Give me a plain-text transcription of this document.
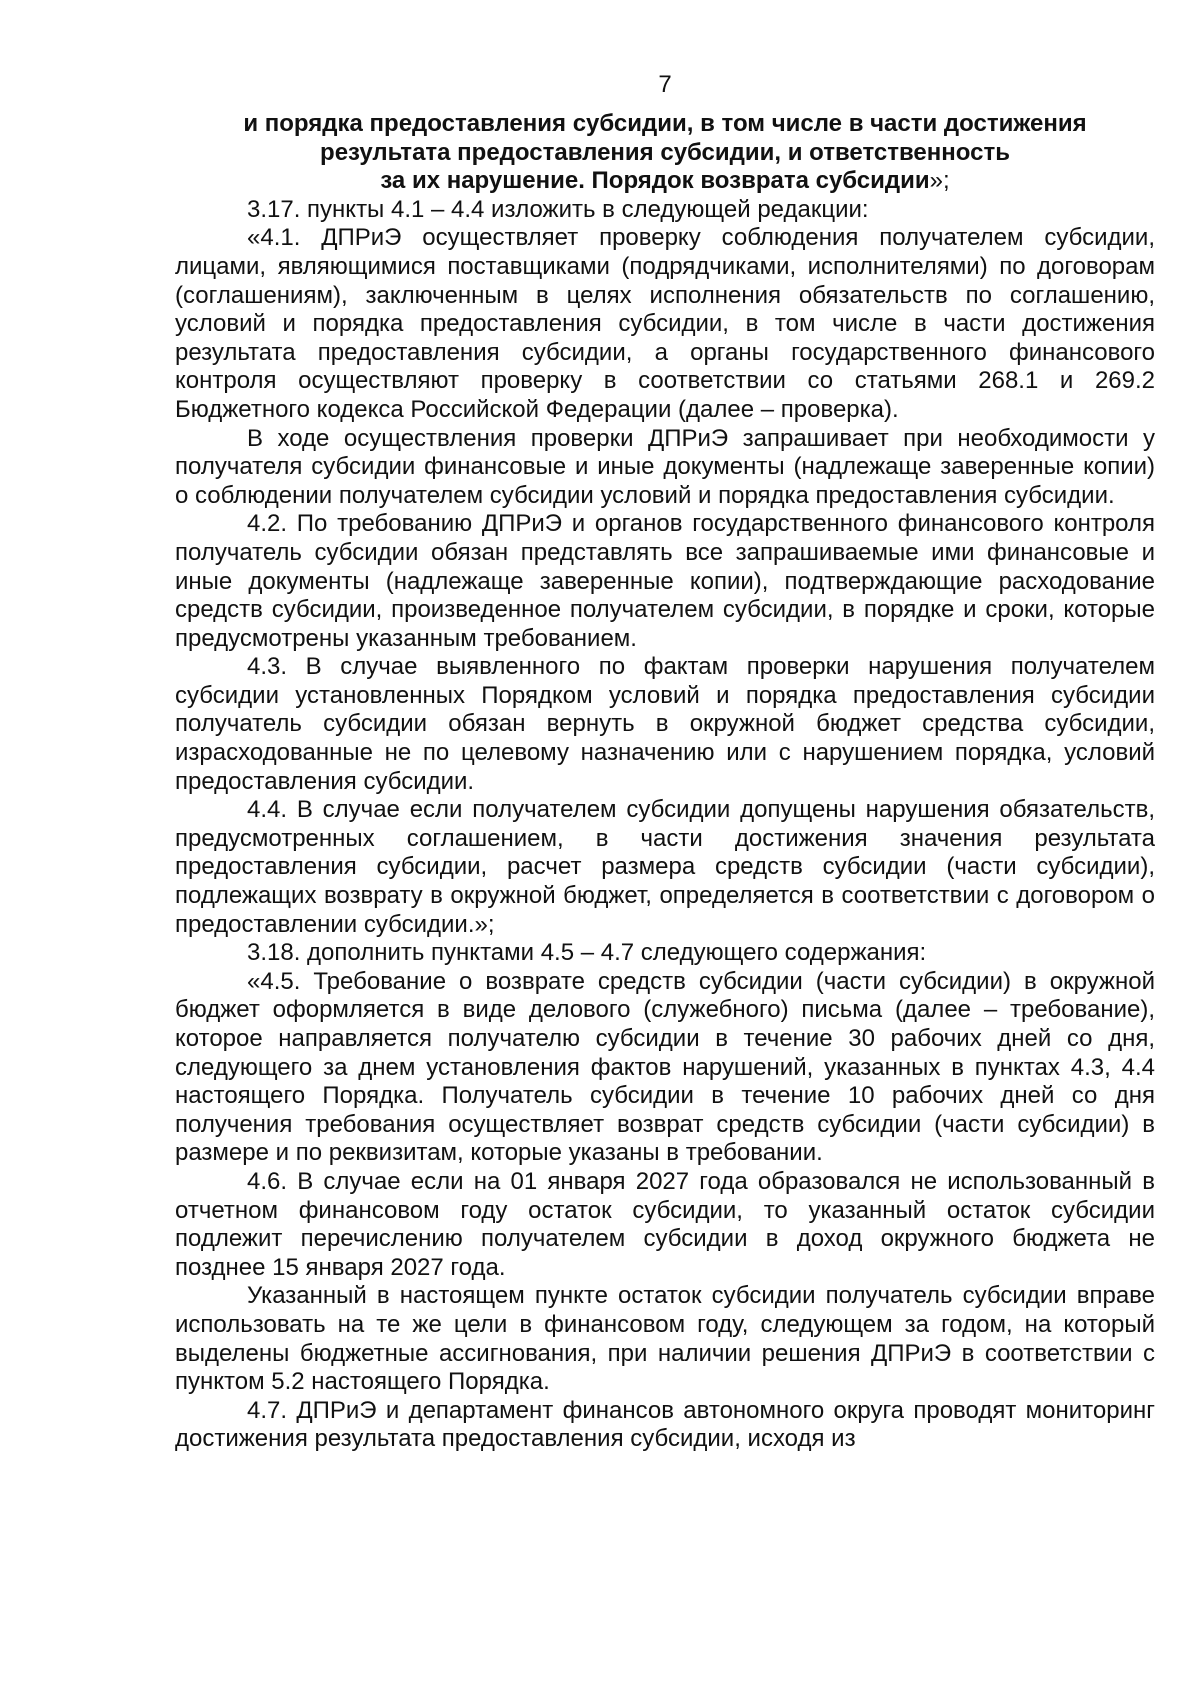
7
и порядка предоставления субсидии, в том числе в части достижения
результата предоставления субсидии, и ответственность
за их нарушение. Порядок возврата субсидии»;

3.17. пункты 4.1 – 4.4 изложить в следующей редакции:

«4.1. ДПРиЭ осуществляет проверку соблюдения получателем субсидии, лицами, являющимися поставщиками (подрядчиками, исполнителями) по договорам (соглашениям), заключенным в целях исполнения обязательств по соглашению, условий и порядка предоставления субсидии, в том числе в части достижения результата предоставления субсидии, а органы государственного финансового контроля осуществляют проверку в соответствии со статьями 268.1 и 269.2 Бюджетного кодекса Российской Федерации (далее – проверка).

В ходе осуществления проверки ДПРиЭ запрашивает при необходимости у получателя субсидии финансовые и иные документы (надлежаще заверенные копии) о соблюдении получателем субсидии условий и порядка предоставления субсидии.

4.2. По требованию ДПРиЭ и органов государственного финансового контроля получатель субсидии обязан представлять все запрашиваемые ими финансовые и иные документы (надлежаще заверенные копии), подтверждающие расходование средств субсидии, произведенное получателем субсидии, в порядке и сроки, которые предусмотрены указанным требованием.

4.3. В случае выявленного по фактам проверки нарушения получателем субсидии установленных Порядком условий и порядка предоставления субсидии получатель субсидии обязан вернуть в окружной бюджет средства субсидии, израсходованные не по целевому назначению или с нарушением порядка, условий предоставления субсидии.

4.4. В случае если получателем субсидии допущены нарушения обязательств, предусмотренных соглашением, в части достижения значения результата предоставления субсидии, расчет размера средств субсидии (части субсидии), подлежащих возврату в окружной бюджет, определяется в соответствии с договором о предоставлении субсидии.»;

3.18. дополнить пунктами 4.5 – 4.7 следующего содержания:

«4.5. Требование о возврате средств субсидии (части субсидии) в окружной бюджет оформляется в виде делового (служебного) письма (далее – требование), которое направляется получателю субсидии в течение 30 рабочих дней со дня, следующего за днем установления фактов нарушений, указанных в пунктах 4.3, 4.4 настоящего Порядка. Получатель субсидии в течение 10 рабочих дней со дня получения требования осуществляет возврат средств субсидии (части субсидии) в размере и по реквизитам, которые указаны в требовании.

4.6. В случае если на 01 января 2027 года образовался не использованный в отчетном финансовом году остаток субсидии, то указанный остаток субсидии подлежит перечислению получателем субсидии в доход окружного бюджета не позднее 15 января 2027 года.

Указанный в настоящем пункте остаток субсидии получатель субсидии вправе использовать на те же цели в финансовом году, следующем за годом, на который выделены бюджетные ассигнования, при наличии решения ДПРиЭ в соответствии с пунктом 5.2 настоящего Порядка.

4.7. ДПРиЭ и департамент финансов автономного округа проводят мониторинг достижения результата предоставления субсидии, исходя из
